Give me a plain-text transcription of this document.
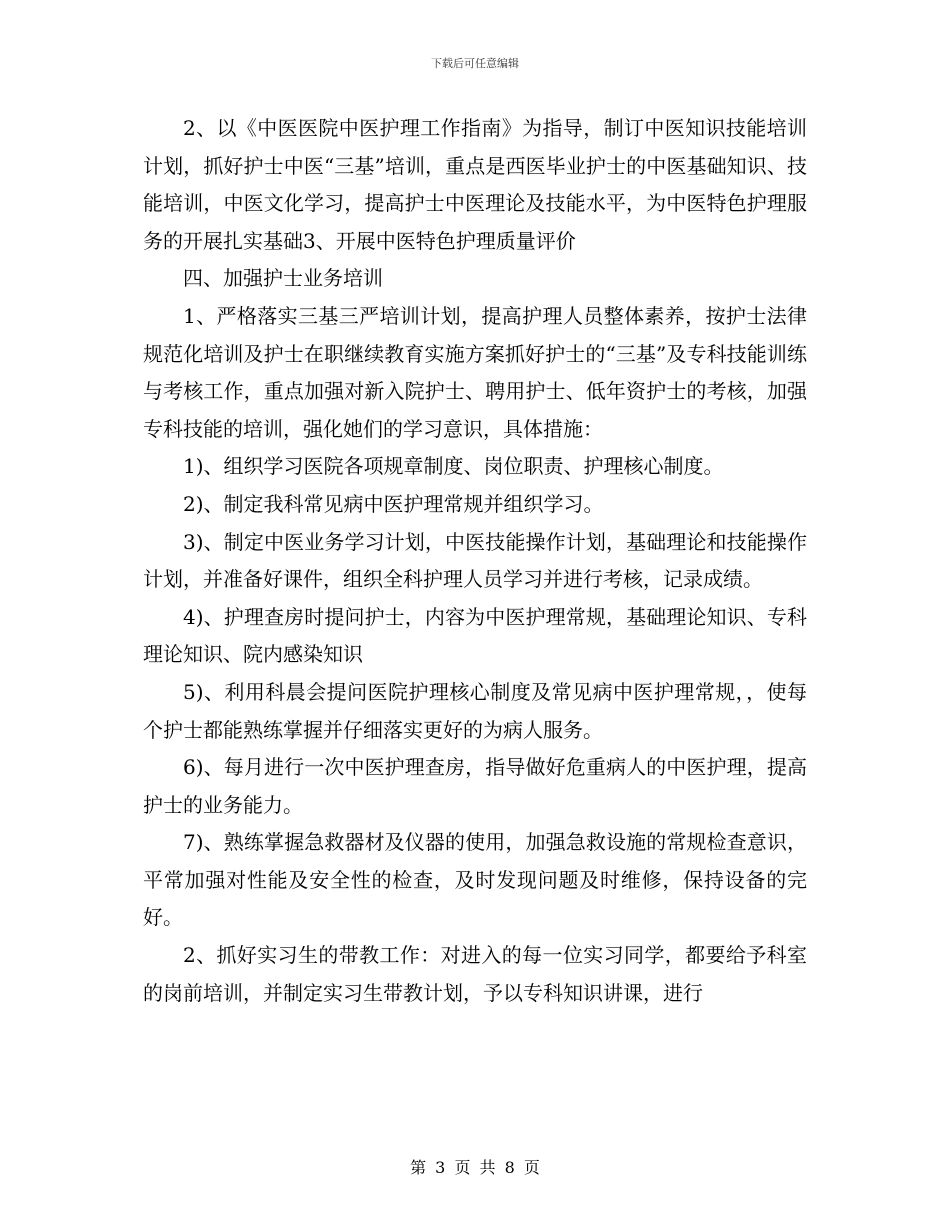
下载后可任意编辑

2、以《中医医院中医护理工作指南》为指导，制订中医知识技能培训计划，抓好护士中医“三基”培训，重点是西医毕业护士的中医基础知识、技能培训，中医文化学习，提高护士中医理论及技能水平，为中医特色护理服务的开展扎实基础3、开展中医特色护理质量评价

四、加强护士业务培训

1、严格落实三基三严培训计划，提高护理人员整体素养，按护士法律规范化培训及护士在职继续教育实施方案抓好护士的“三基”及专科技能训练与考核工作，重点加强对新入院护士、聘用护士、低年资护士的考核，加强专科技能的培训，强化她们的学习意识，具体措施：

1)、组织学习医院各项规章制度、岗位职责、护理核心制度。

2)、制定我科常见病中医护理常规并组织学习。

3)、制定中医业务学习计划，中医技能操作计划，基础理论和技能操作计划，并准备好课件，组织全科护理人员学习并进行考核，记录成绩。

4)、护理查房时提问护士，内容为中医护理常规，基础理论知识、专科理论知识、院内感染知识

5)、利用科晨会提问医院护理核心制度及常见病中医护理常规，，使每个护士都能熟练掌握并仔细落实更好的为病人服务。

6)、每月进行一次中医护理查房，指导做好危重病人的中医护理，提高护士的业务能力。

7)、熟练掌握急救器材及仪器的使用，加强急救设施的常规检查意识，平常加强对性能及安全性的检查，及时发现问题及时维修，保持设备的完好。

2、抓好实习生的带教工作：对进入的每一位实习同学，都要给予科室的岗前培训，并制定实习生带教计划，予以专科知识讲课，进行

第 3 页 共 8 页
